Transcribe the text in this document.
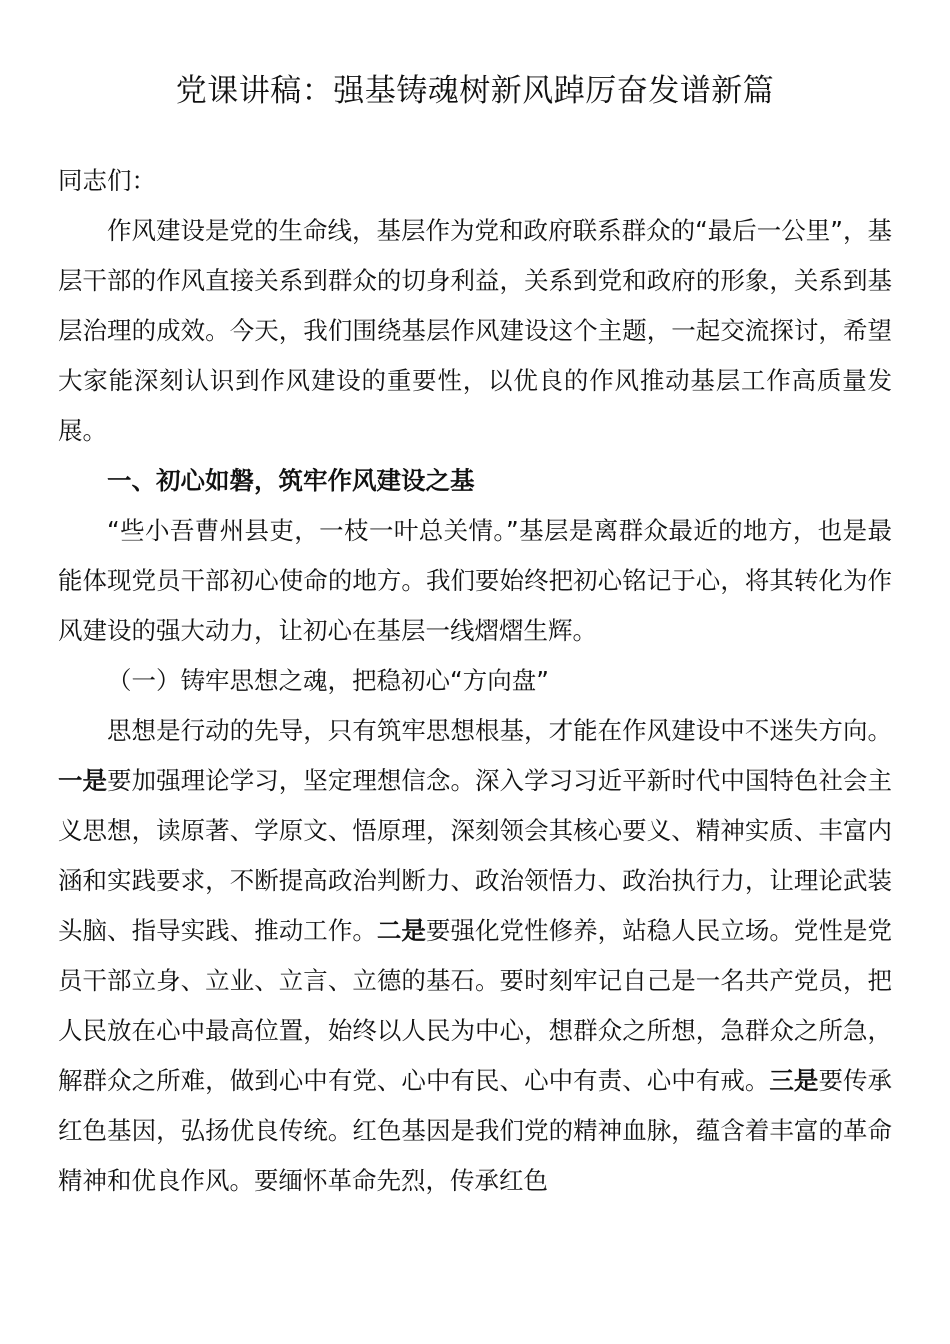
党课讲稿：强基铸魂树新风踔厉奋发谱新篇

同志们：

作风建设是党的生命线，基层作为党和政府联系群众的“最后一公里”，基层干部的作风直接关系到群众的切身利益，关系到党和政府的形象，关系到基层治理的成效。今天，我们围绕基层作风建设这个主题，一起交流探讨，希望大家能深刻认识到作风建设的重要性，以优良的作风推动基层工作高质量发展。

一、初心如磐，筑牢作风建设之基

“些小吾曹州县吏，一枝一叶总关情。”基层是离群众最近的地方，也是最能体现党员干部初心使命的地方。我们要始终把初心铭记于心，将其转化为作风建设的强大动力，让初心在基层一线熠熠生辉。

（一）铸牢思想之魂，把稳初心“方向盘”

思想是行动的先导，只有筑牢思想根基，才能在作风建设中不迷失方向。一是要加强理论学习，坚定理想信念。深入学习习近平新时代中国特色社会主义思想，读原著、学原文、悟原理，深刻领会其核心要义、精神实质、丰富内涵和实践要求，不断提高政治判断力、政治领悟力、政治执行力，让理论武装头脑、指导实践、推动工作。二是要强化党性修养，站稳人民立场。党性是党员干部立身、立业、立言、立德的基石。要时刻牢记自己是一名共产党员，把人民放在心中最高位置，始终以人民为中心，想群众之所想，急群众之所急，解群众之所难，做到心中有党、心中有民、心中有责、心中有戒。三是要传承红色基因，弘扬优良传统。红色基因是我们党的精神血脉，蕴含着丰富的革命精神和优良作风。要缅怀革命先烈，传承红色
